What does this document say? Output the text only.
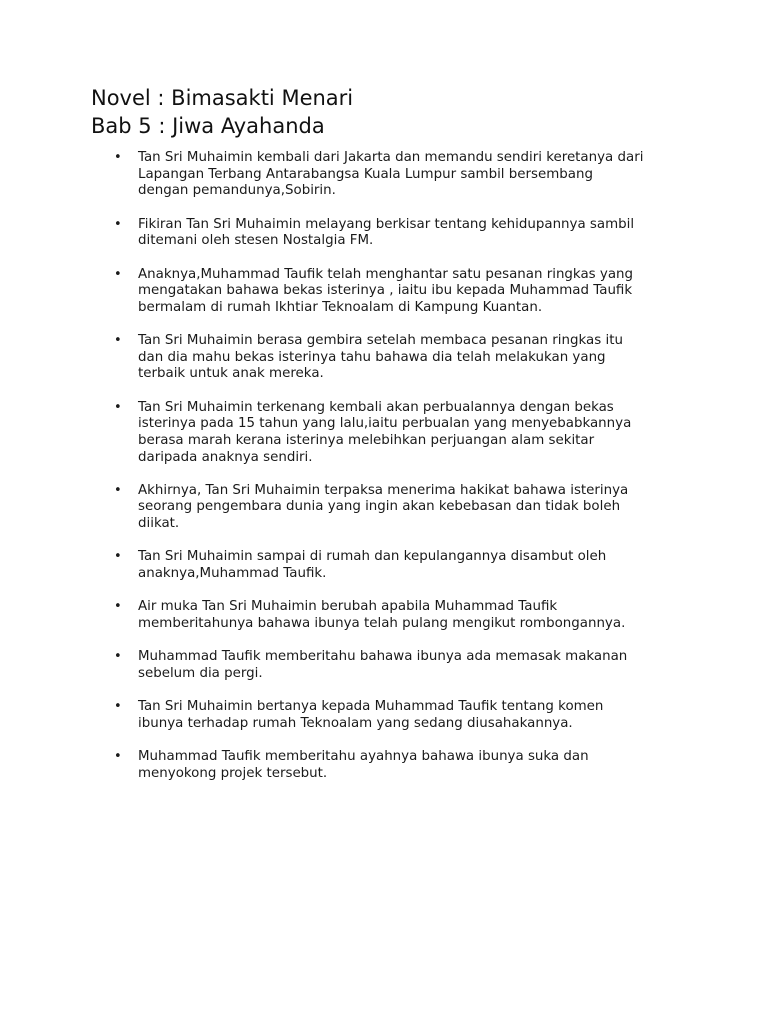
Novel : Bimasakti Menari
Bab 5 : Jiwa Ayahanda
• Tan Sri Muhaimin kembali dari Jakarta dan memandu sendiri keretanya dari
Lapangan Terbang Antarabangsa Kuala Lumpur sambil bersembang
dengan pemandunya,Sobirin.
• Fikiran Tan Sri Muhaimin melayang berkisar tentang kehidupannya sambil
ditemani oleh stesen Nostalgia FM.
• Anaknya,Muhammad Taufik telah menghantar satu pesanan ringkas yang
mengatakan bahawa bekas isterinya , iaitu ibu kepada Muhammad Taufik
bermalam di rumah Ikhtiar Teknoalam di Kampung Kuantan.
• Tan Sri Muhaimin berasa gembira setelah membaca pesanan ringkas itu
dan dia mahu bekas isterinya tahu bahawa dia telah melakukan yang
terbaik untuk anak mereka.
• Tan Sri Muhaimin terkenang kembali akan perbualannya dengan bekas
isterinya pada 15 tahun yang lalu,iaitu perbualan yang menyebabkannya
berasa marah kerana isterinya melebihkan perjuangan alam sekitar
daripada anaknya sendiri.
• Akhirnya, Tan Sri Muhaimin terpaksa menerima hakikat bahawa isterinya
seorang pengembara dunia yang ingin akan kebebasan dan tidak boleh
diikat.
• Tan Sri Muhaimin sampai di rumah dan kepulangannya disambut oleh
anaknya,Muhammad Taufik.
• Air muka Tan Sri Muhaimin berubah apabila Muhammad Taufik
memberitahunya bahawa ibunya telah pulang mengikut rombongannya.
• Muhammad Taufik memberitahu bahawa ibunya ada memasak makanan
sebelum dia pergi.
• Tan Sri Muhaimin bertanya kepada Muhammad Taufik tentang komen
ibunya terhadap rumah Teknoalam yang sedang diusahakannya.
• Muhammad Taufik memberitahu ayahnya bahawa ibunya suka dan
menyokong projek tersebut.
